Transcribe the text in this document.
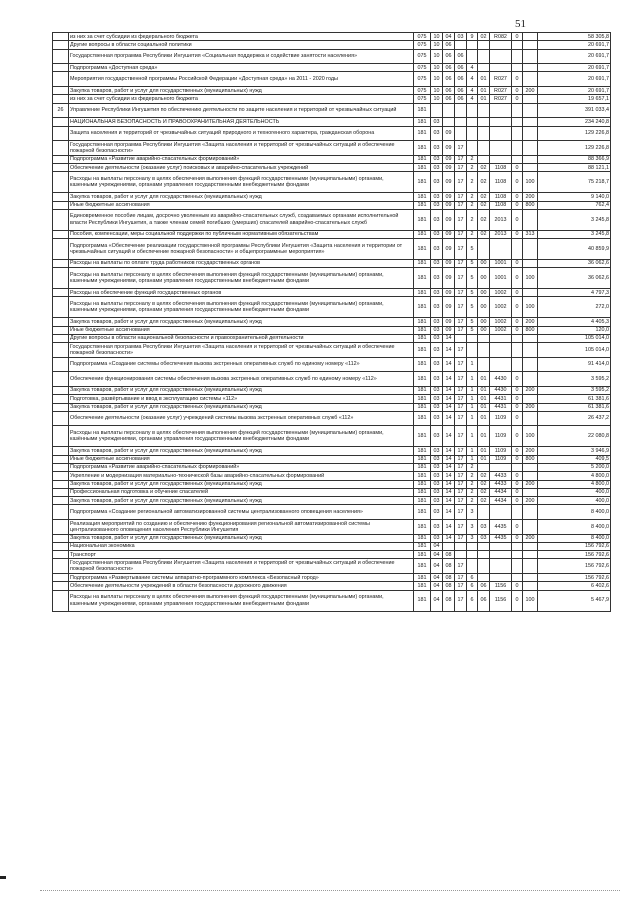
51
	из них за счет субсидии из федерального бюджета	075	10	04	03	9	02	R082	0		58 305,8
	Другие вопросы в области социальной политики	075	10	06							20 691,7
	Государственная программа Республики Ингушетия «Социальная поддержка и содействие занятости населения»	075	10	06	06						20 691,7
	Подпрограмма «Доступная среда»	075	10	06	06	4					20 691,7
	Мероприятия государственной программы Российской Федерации «Доступная среда» на 2011 - 2020 годы	075	10	06	06	4	01	R027	0		20 691,7
	Закупка товаров, работ и услуг для государственных (муниципальных) нужд	075	10	06	06	4	01	R027	0	200	20 691,7
	из них за счет субсидии из федерального бюджета	075	10	06	06	4	01	R027	0		19 657,1
26	Управление Республики Ингушетия по обеспечению деятельности по защите населения и территорий от чрезвычайных ситуаций	181									391 033,4
	НАЦИОНАЛЬНАЯ БЕЗОПАСНОСТЬ И ПРАВООХРАНИТЕЛЬНАЯ ДЕЯТЕЛЬНОСТЬ	181	03								234 240,8
	Защита населения и территорий от чрезвычайных ситуаций природного и техногенного характера, гражданская оборона	181	03	09							129 226,8
	Государственная программа Республики Ингушетия «Защита населения и территорий от чрезвычайных ситуаций и обеспечение пожарной безопасности»	181	03	09	17						129 226,8
	Подпрограмма «Развитие аварийно-спасательных формирований»	181	03	09	17	2					88 366,9
	Обеспечение деятельности (оказание услуг) поисковых и аварийно-спасательных учреждений	181	03	09	17	2	02	1108	0		88 121,1
	Расходы на выплаты персоналу в целях обеспечения выполнения функций государственными (муниципальными) органами, казенными учреждениями, органами управления государственными внебюджетными фондами	181	03	09	17	2	02	1108	0	100	75 218,7
	Закупка товаров, работ и услуг для государственных (муниципальных) нужд	181	03	09	17	2	02	1108	0	200	9 140,0
	Иные бюджетные ассигнования	181	03	09	17	2	02	1108	0	800	762,4
	Единовременное пособие лицам, досрочно уволенным из аварийно-спасательных служб, создаваемых органами исполнительной власти Республики Ингушетия, а также членам семей погибших (умерших) спасателей аварийно-спасательных служб	181	03	09	17	2	02	2013	0		3 245,8
	Пособия, компенсации, меры социальной поддержки по публичным нормативным обязательствам	181	03	09	17	2	02	2013	0	313	3 245,8
	Подпрограмма «Обеспечение реализации государственной программы Республики Ингушетия «Защита населения и территории от чрезвычайных ситуаций и обеспечение пожарной безопасности» и общепрограммные мероприятия»	181	03	09	17	5					40 859,9
	Расходы на выплаты по оплате труда работников государственных органов	181	03	09	17	5	00	1001	0		36 062,6
	Расходы на выплаты персоналу в целях обеспечения выполнения функций государственными (муниципальными) органами, казенными учреждениями, органами управления государственными внебюджетными фондами	181	03	09	17	5	00	1001	0	100	36 062,6
	Расходы на обеспечение функций государственных органов	181	03	09	17	5	00	1002	0		4 797,3
	Расходы на выплаты персоналу в целях обеспечения выполнения функций государственными (муниципальными) органами, казенными учреждениями, органами управления государственными внебюджетными фондами	181	03	09	17	5	00	1002	0	100	272,0
	Закупка товаров, работ и услуг для государственных (муниципальных) нужд	181	03	09	17	5	00	1002	0	200	4 405,3
	Иные бюджетные ассигнования	181	03	09	17	5	00	1002	0	800	120,0
	Другие вопросы в области национальной безопасности и правоохранительной деятельности	181	03	14							105 014,0
	Государственная программа Республики Ингушетия «Защита населения и территорий от чрезвычайных ситуаций и обеспечение пожарной безопасности»	181	03	14	17						105 014,0
	Подпрограмма «Создание системы обеспечения вызова экстренных оперативных служб по единому номеру «112»	181	03	14	17	1					91 414,0
	Обеспечение функционирования системы обеспечения вызова экстренных оперативных служб по единому номеру «112»	181	03	14	17	1	01	4430	0		3 595,2
	Закупка товаров, работ и услуг для государственных (муниципальных) нужд	181	03	14	17	1	01	4430	0	200	3 595,2
	Подготовка, развёртывание и ввод в эксплуатацию системы «112»	181	03	14	17	1	01	4431	0		61 381,6
	Закупка товаров, работ и услуг для государственных (муниципальных) нужд	181	03	14	17	1	01	4431	0	200	61 381,6
	Обеспечение деятельности (оказание услуг) учреждений системы вызова экстренных оперативных служб «112»	181	03	14	17	1	01	1109	0		26 437,2
	Расходы на выплаты персоналу в целях обеспечения выполнения функций государственными (муниципальными) органами, казёнными учреждениями, органами управления государственными внебюджетными фондами	181	03	14	17	1	01	1109	0	100	22 080,8
	Закупка товаров, работ и услуг для государственных (муниципальных) нужд	181	03	14	17	1	01	1109	0	200	3 946,9
	Иные бюджетные ассигнования	181	03	14	17	1	01	1109	0	800	409,5
	Подпрограмма «Развитие аварийно-спасательных формирований»	181	03	14	17	2					5 200,0
	Укрепление и модернизация материально-технической базы аварийно-спасательных формирований	181	03	14	17	2	02	4433	0		4 800,0
	Закупка товаров, работ и услуг для государственных (муниципальных) нужд	181	03	14	17	2	02	4433	0	200	4 800,0
	Профессиональная подготовка и обучение спасателей	181	03	14	17	2	02	4434	0		400,0
	Закупка товаров, работ и услуг для государственных (муниципальных) нужд	181	03	14	17	2	02	4434	0	200	400,0
	Подпрограмма «Создание региональной автоматизированной системы централизованного оповещения населения»	181	03	14	17	3					8 400,0
	Реализация мероприятий по созданию и обеспечению функционирования региональной автоматизированной системы централизованного оповещения населения Республики Ингушетия	181	03	14	17	3	03	4435	0		8 400,0
	Закупка товаров, работ и услуг для государственных (муниципальных) нужд	181	03	14	17	3	03	4435	0	200	8 400,0
	Национальная экономика	181	04								156 792,6
	Транспорт	181	04	08							156 792,6
	Государственная программа Республики Ингушетия «Защита населения и территорий от чрезвычайных ситуаций и обеспечение пожарной безопасности»	181	04	08	17						156 792,6
	Подпрограмма «Развертывание системы аппаратно-программного комплекса «Безопасный город»	181	04	08	17	6					156 792,6
	Обеспечение деятельности учреждений в области безопасности дорожного движения	181	04	08	17	6	06	1156	0		6 402,6
	Расходы на выплаты персоналу в целях обеспечения выполнения функций государственными (муниципальными) органами, казенными учреждениями, органами управления государственными внебюджетными фондами	181	04	08	17	6	06	1156	0	100	5 467,9
